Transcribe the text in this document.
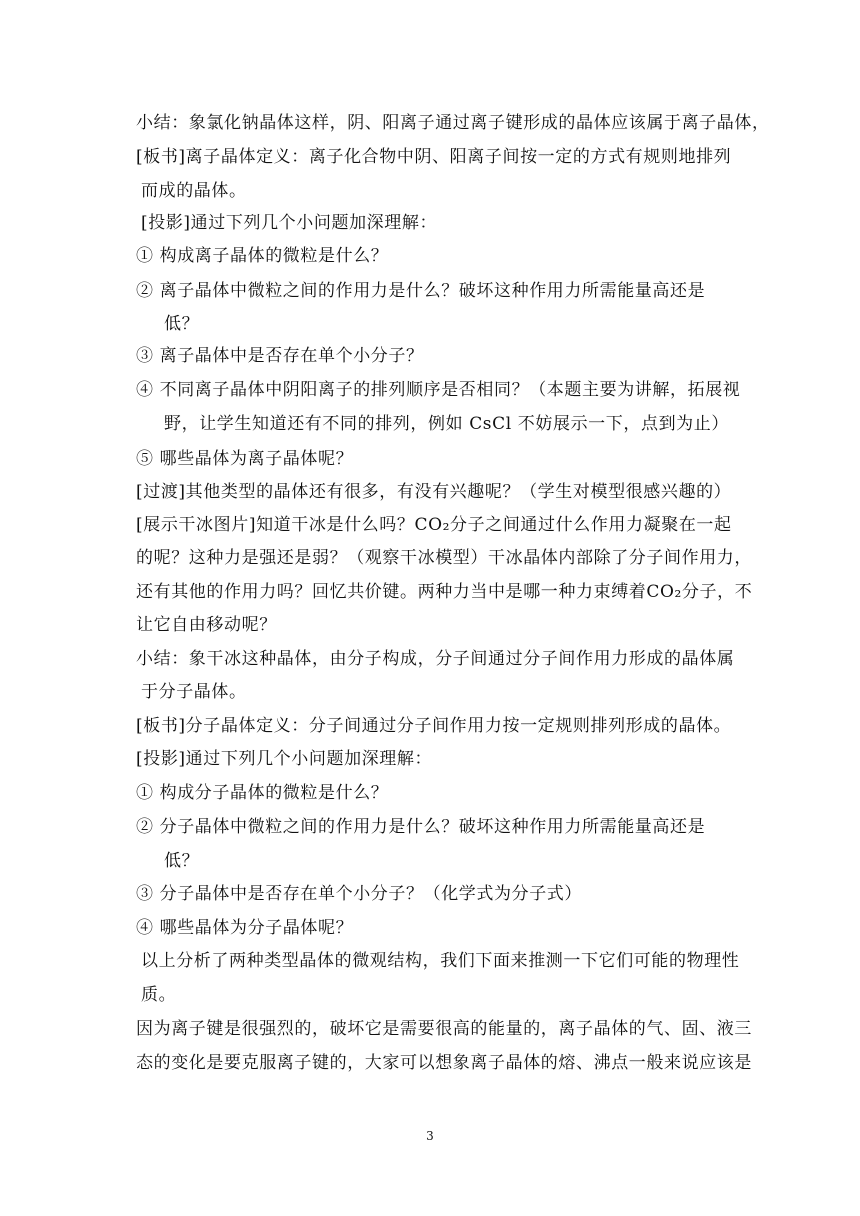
小结：象氯化钠晶体这样，阴、阳离子通过离子键形成的晶体应该属于离子晶体，
[板书]离子晶体定义：离子化合物中阴、阳离子间按一定的方式有规则地排列
而成的晶体。
[投影]通过下列几个小问题加深理解：
① 构成离子晶体的微粒是什么？
② 离子晶体中微粒之间的作用力是什么？破坏这种作用力所需能量高还是
低？
③ 离子晶体中是否存在单个小分子？
④ 不同离子晶体中阴阳离子的排列顺序是否相同？（本题主要为讲解，拓展视
野，让学生知道还有不同的排列，例如 CsCl 不妨展示一下，点到为止）
⑤ 哪些晶体为离子晶体呢？
[过渡]其他类型的晶体还有很多，有没有兴趣呢？（学生对模型很感兴趣的）
[展示干冰图片]知道干冰是什么吗？CO₂分子之间通过什么作用力凝聚在一起
的呢？这种力是强还是弱？（观察干冰模型）干冰晶体内部除了分子间作用力，
还有其他的作用力吗？回忆共价键。两种力当中是哪一种力束缚着CO₂分子，不
让它自由移动呢？
小结：象干冰这种晶体，由分子构成，分子间通过分子间作用力形成的晶体属
于分子晶体。
[板书]分子晶体定义：分子间通过分子间作用力按一定规则排列形成的晶体。
[投影]通过下列几个小问题加深理解：
① 构成分子晶体的微粒是什么？
② 分子晶体中微粒之间的作用力是什么？破坏这种作用力所需能量高还是
低？
③ 分子晶体中是否存在单个小分子？（化学式为分子式）
④ 哪些晶体为分子晶体呢？
以上分析了两种类型晶体的微观结构，我们下面来推测一下它们可能的物理性
质。
因为离子键是很强烈的，破坏它是需要很高的能量的，离子晶体的气、固、液三
态的变化是要克服离子键的，大家可以想象离子晶体的熔、沸点一般来说应该是
3
